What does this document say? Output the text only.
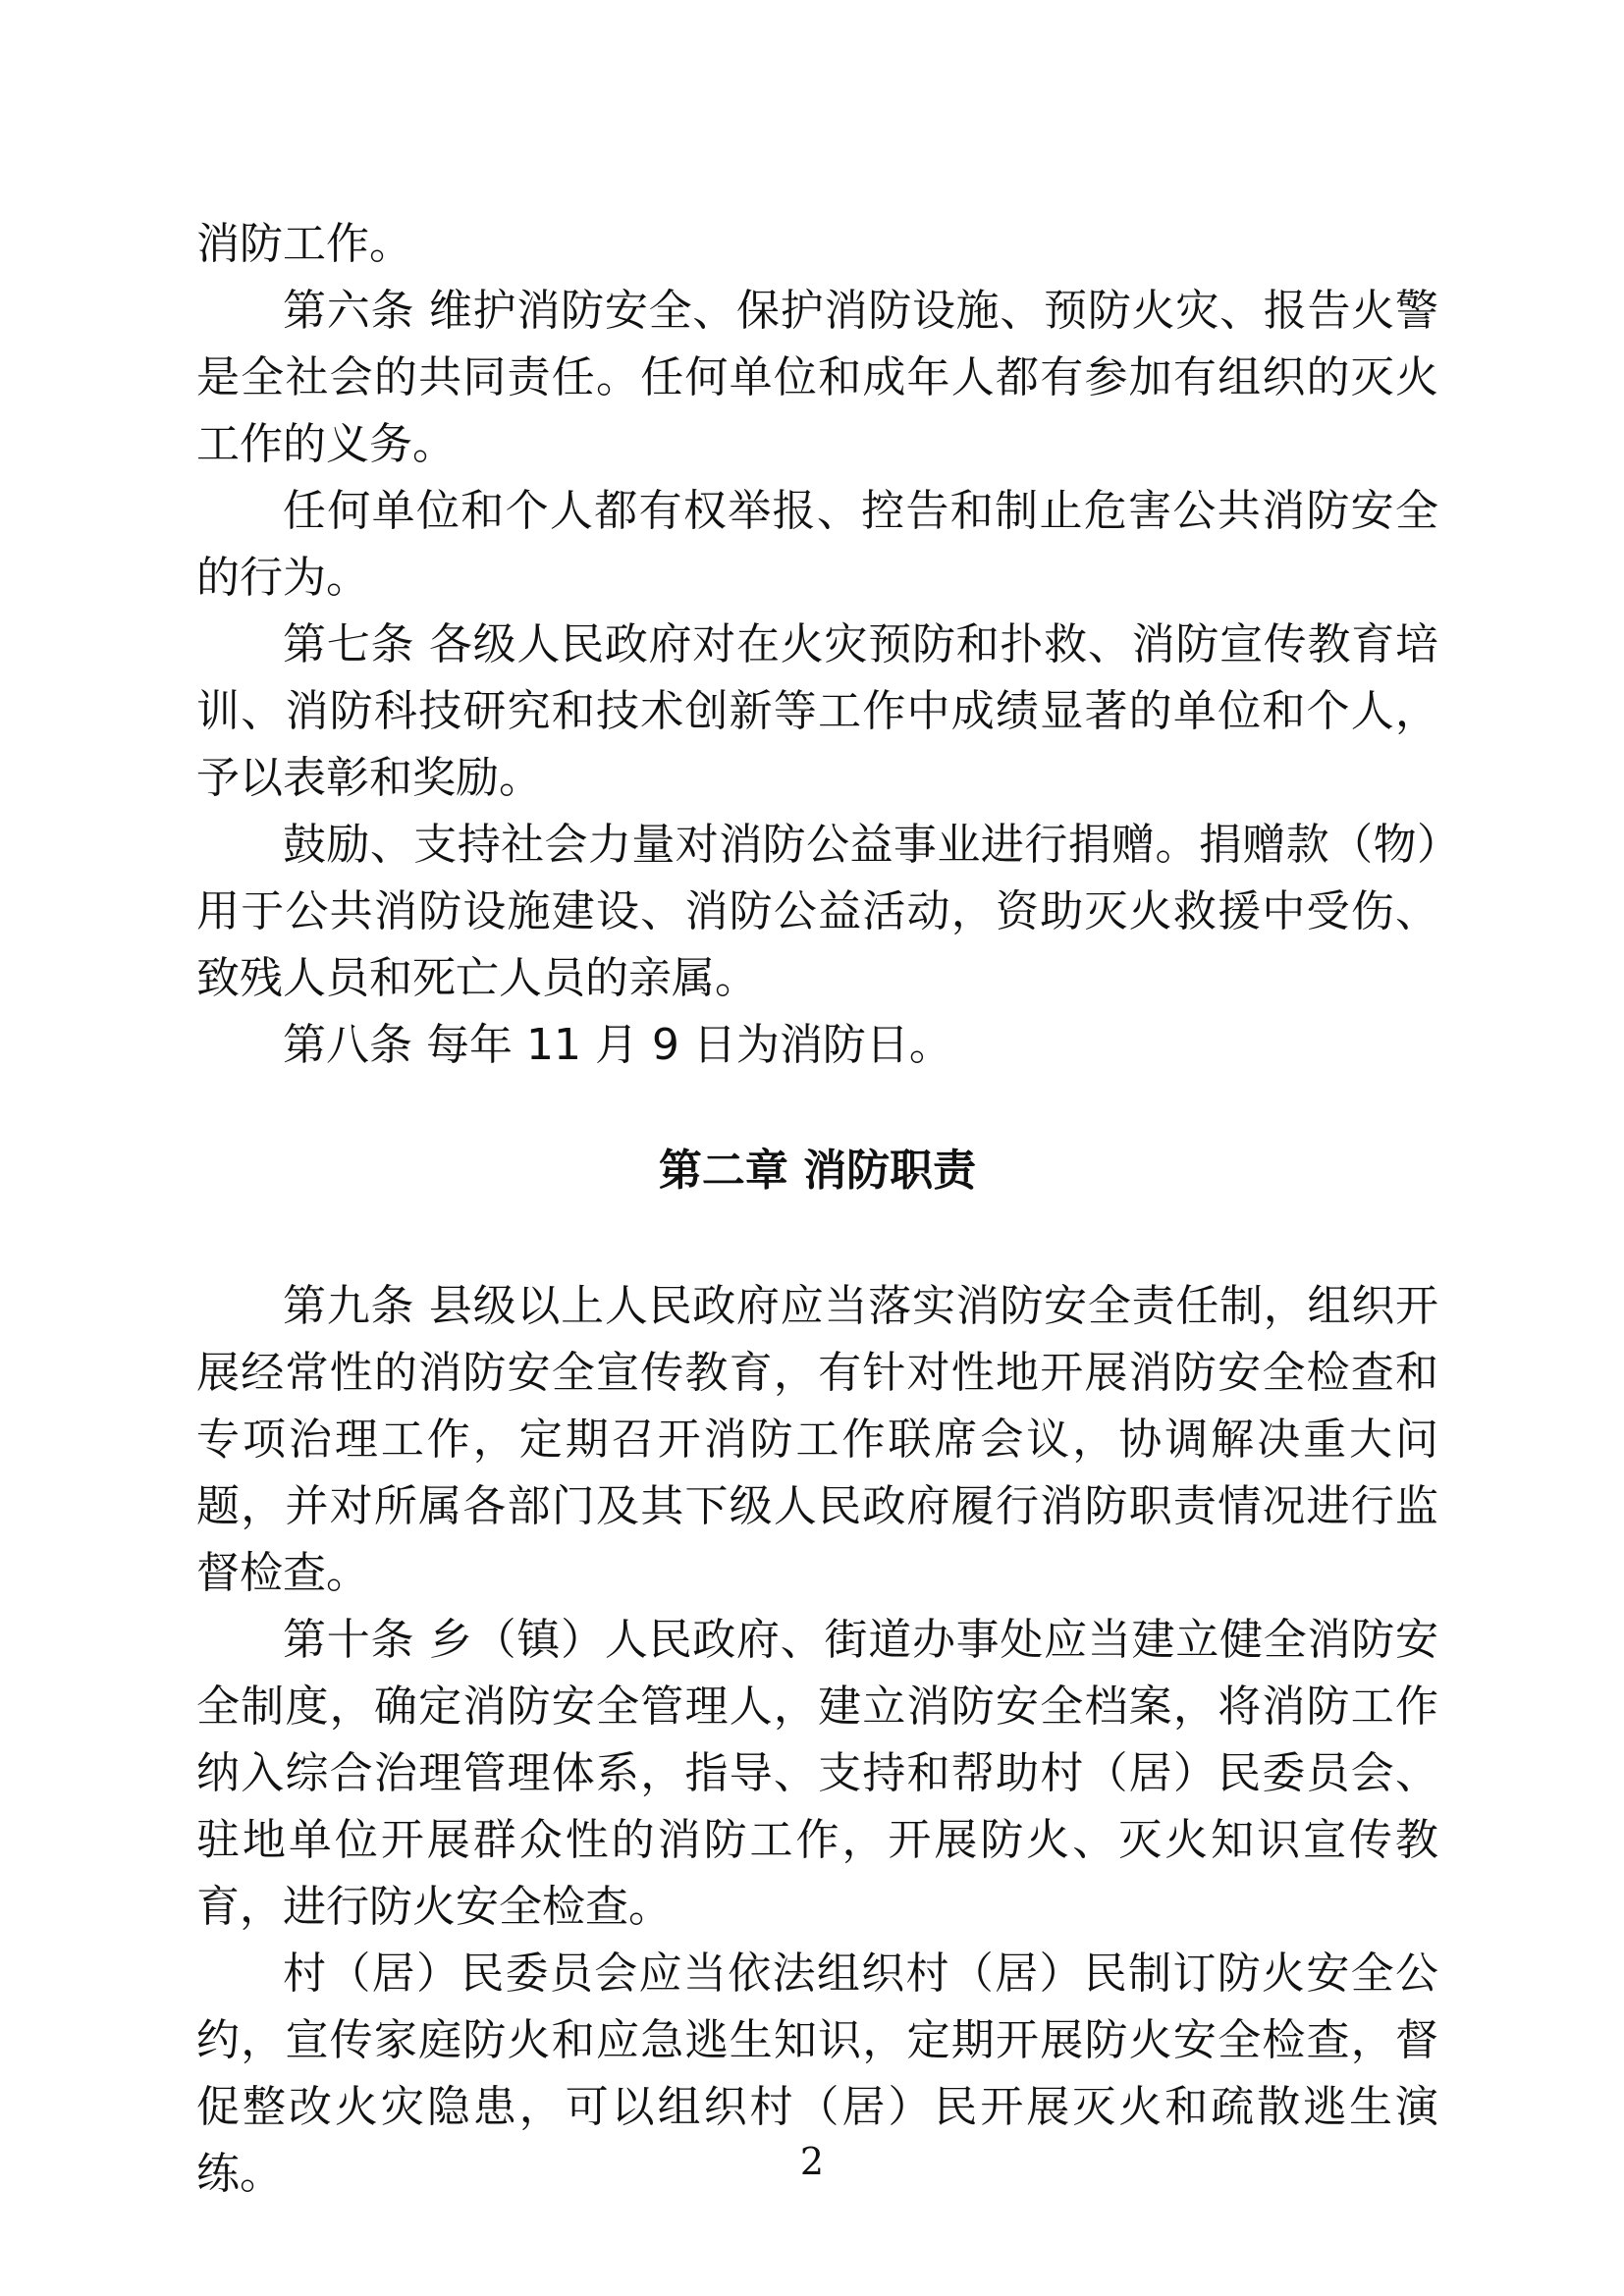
消防工作。

第六条 维护消防安全、保护消防设施、预防火灾、报告火警是全社会的共同责任。任何单位和成年人都有参加有组织的灭火工作的义务。

任何单位和个人都有权举报、控告和制止危害公共消防安全的行为。

第七条 各级人民政府对在火灾预防和扑救、消防宣传教育培训、消防科技研究和技术创新等工作中成绩显著的单位和个人，予以表彰和奖励。

鼓励、支持社会力量对消防公益事业进行捐赠。捐赠款（物）用于公共消防设施建设、消防公益活动，资助灭火救援中受伤、致残人员和死亡人员的亲属。

第八条 每年 11 月 9 日为消防日。

第二章 消防职责

第九条 县级以上人民政府应当落实消防安全责任制，组织开展经常性的消防安全宣传教育，有针对性地开展消防安全检查和专项治理工作，定期召开消防工作联席会议，协调解决重大问题，并对所属各部门及其下级人民政府履行消防职责情况进行监督检查。

第十条 乡（镇）人民政府、街道办事处应当建立健全消防安全制度，确定消防安全管理人，建立消防安全档案，将消防工作纳入综合治理管理体系，指导、支持和帮助村（居）民委员会、驻地单位开展群众性的消防工作，开展防火、灭火知识宣传教育，进行防火安全检查。

村（居）民委员会应当依法组织村（居）民制订防火安全公约，宣传家庭防火和应急逃生知识，定期开展防火安全检查，督促整改火灾隐患，可以组织村（居）民开展灭火和疏散逃生演练。	2
